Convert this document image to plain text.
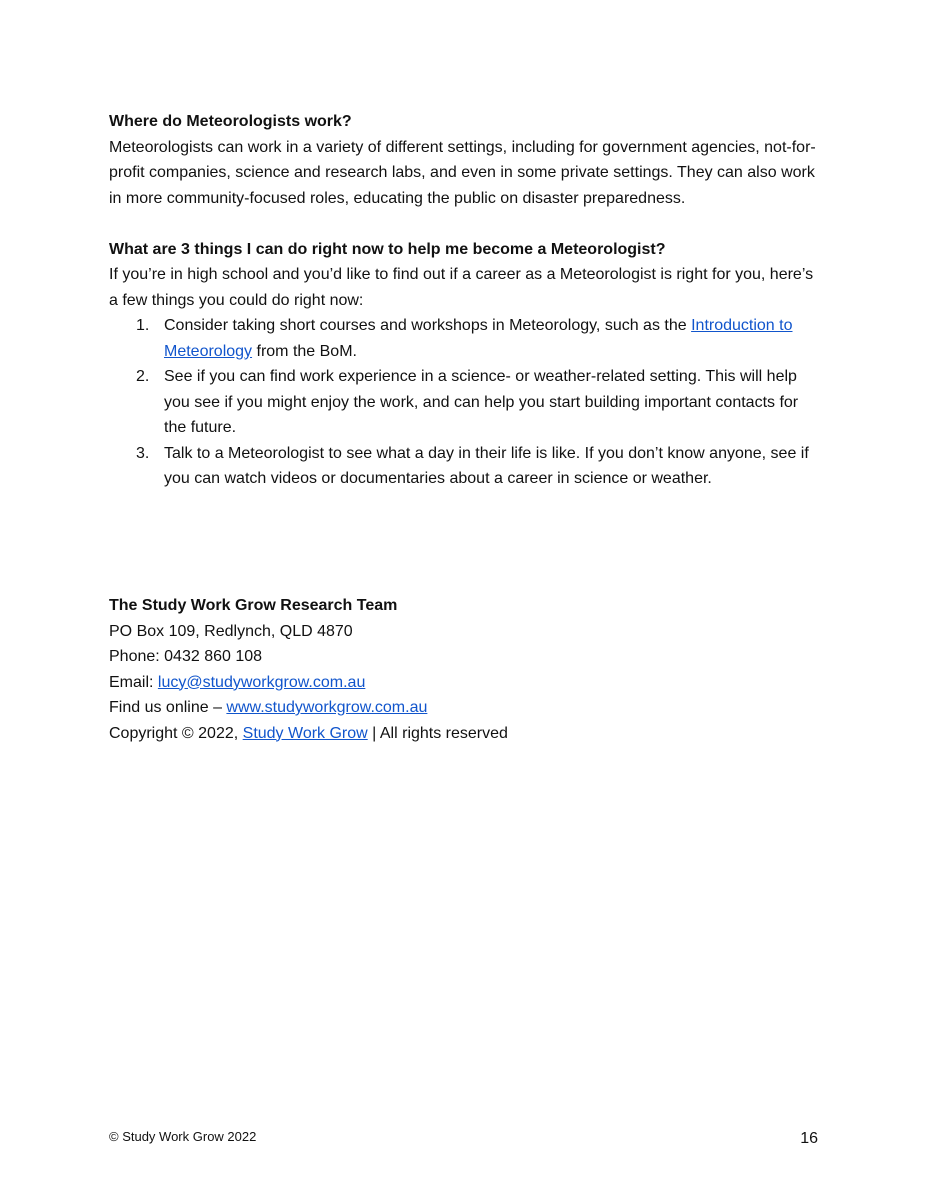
Where do Meteorologists work?

Meteorologists can work in a variety of different settings, including for government agencies, not-for-profit companies, science and research labs, and even in some private settings. They can also work in more community-focused roles, educating the public on disaster preparedness.

What are 3 things I can do right now to help me become a Meteorologist?

If you’re in high school and you’d like to find out if a career as a Meteorologist is right for you, here’s a few things you could do right now:

1. Consider taking short courses and workshops in Meteorology, such as the Introduction to Meteorology from the BoM.
2. See if you can find work experience in a science- or weather-related setting. This will help you see if you might enjoy the work, and can help you start building important contacts for the future.
3. Talk to a Meteorologist to see what a day in their life is like. If you don’t know anyone, see if you can watch videos or documentaries about a career in science or weather.

The Study Work Grow Research Team

PO Box 109, Redlynch, QLD 4870

Phone: 0432 860 108

Email: lucy@studyworkgrow.com.au

Find us online – www.studyworkgrow.com.au

Copyright © 2022, Study Work Grow | All rights reserved

© Study Work Grow 2022	16
